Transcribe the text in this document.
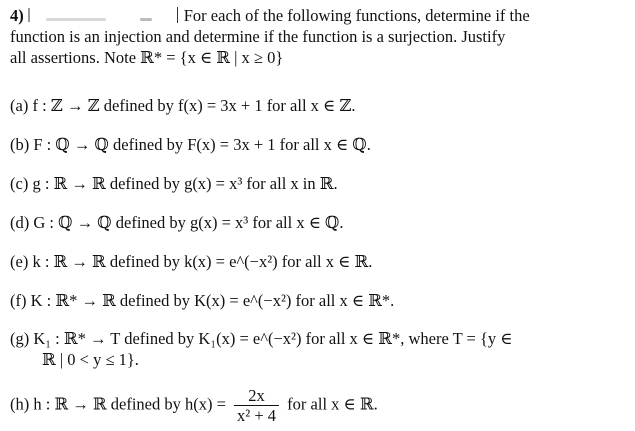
4)	For each of the following functions, determine if the
function is an injection and determine if the function is a surjection. Justify
all assertions. Note ℝ* = {x ∈ ℝ | x ≥ 0}
(a) f : ℤ → ℤ defined by f(x) = 3x + 1 for all x ∈ ℤ.
(b) F : ℚ → ℚ defined by F(x) = 3x + 1 for all x ∈ ℚ.
(c) g : ℝ → ℝ defined by g(x) = x³ for all x in ℝ.
(d) G : ℚ → ℚ defined by g(x) = x³ for all x ∈ ℚ.
(e) k : ℝ → ℝ defined by k(x) = e^(−x²) for all x ∈ ℝ.
(f) K : ℝ* → ℝ defined by K(x) = e^(−x²) for all x ∈ ℝ*.
(g) K₁ : ℝ* → T defined by K₁(x) = e^(−x²) for all x ∈ ℝ*, where T = {y ∈
ℝ | 0 < y ≤ 1}.
(h) h : ℝ → ℝ defined by $h(x) = \frac{2x}{\text{x² + 4}}$ for all x ∈ ℝ.
